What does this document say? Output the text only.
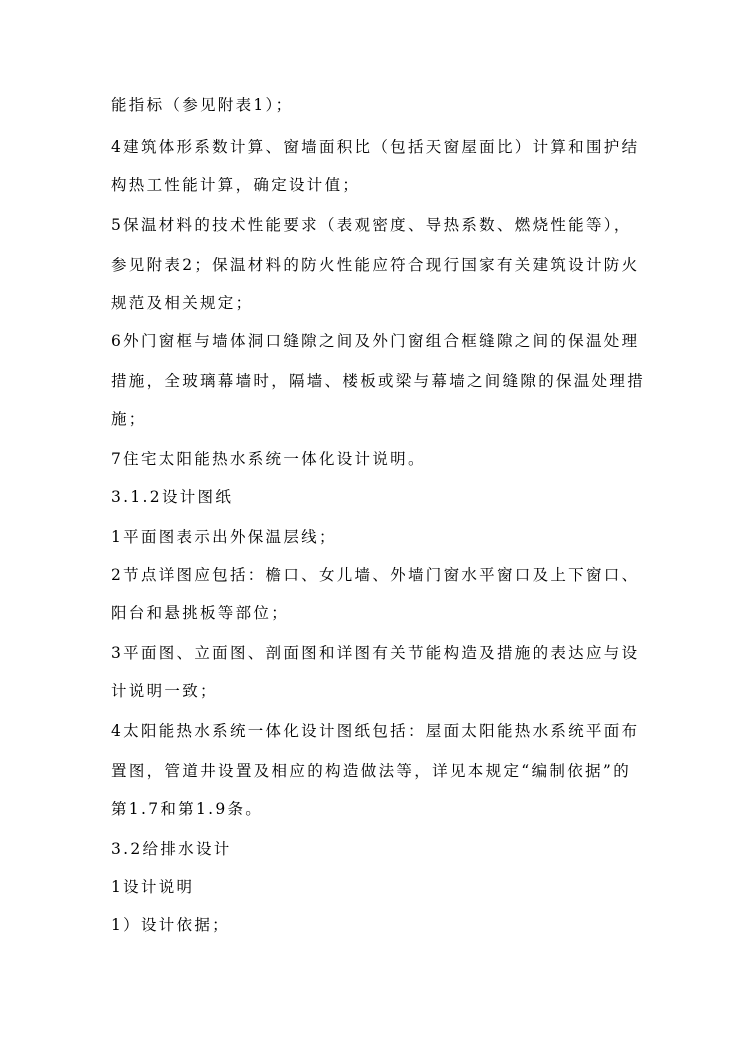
能指标（参见附表1）；
4建筑体形系数计算、窗墙面积比（包括天窗屋面比）计算和围护结
构热工性能计算，确定设计值；
5保温材料的技术性能要求（表观密度、导热系数、燃烧性能等），
参见附表2；保温材料的防火性能应符合现行国家有关建筑设计防火
规范及相关规定；
6外门窗框与墙体洞口缝隙之间及外门窗组合框缝隙之间的保温处理
措施，全玻璃幕墙时，隔墙、楼板或梁与幕墙之间缝隙的保温处理措
施；
7住宅太阳能热水系统一体化设计说明。
3.1.2设计图纸
1平面图表示出外保温层线；
2节点详图应包括：檐口、女儿墙、外墙门窗水平窗口及上下窗口、
阳台和悬挑板等部位；
3平面图、立面图、剖面图和详图有关节能构造及措施的表达应与设
计说明一致；
4太阳能热水系统一体化设计图纸包括：屋面太阳能热水系统平面布
置图，管道井设置及相应的构造做法等，详见本规定“编制依据”的
第1.7和第1.9条。
3.2给排水设计
1设计说明
1）设计依据；
